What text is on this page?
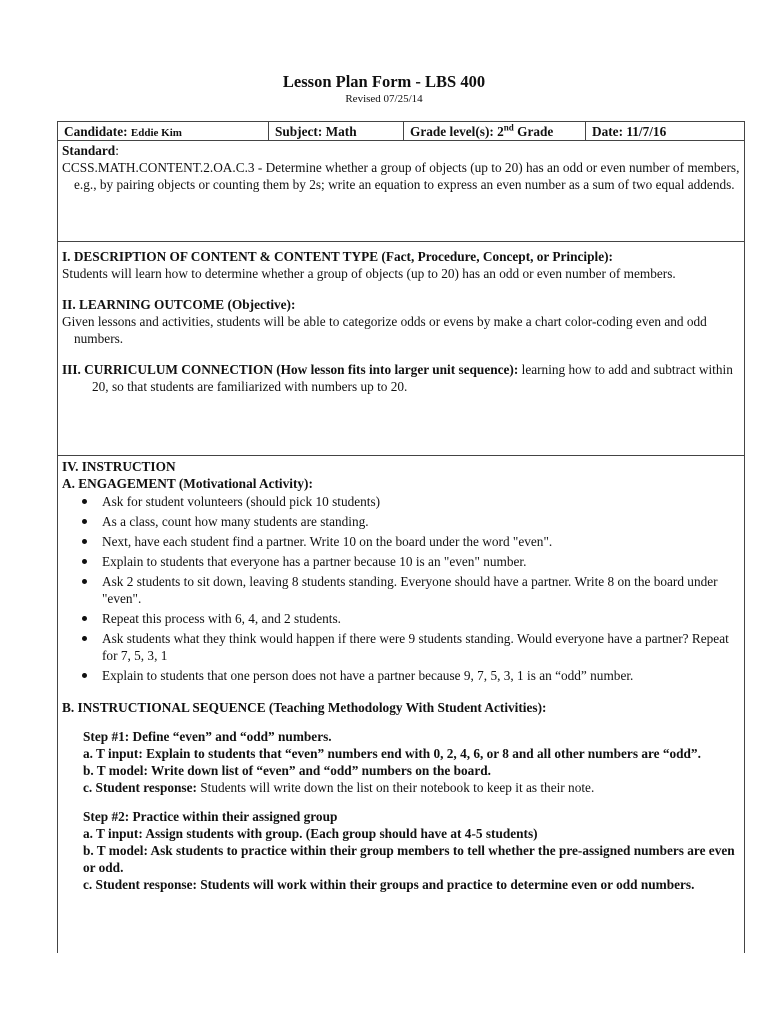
Lesson Plan Form - LBS 400
Revised 07/25/14
Candidate: Eddie Kim	Subject: Math	Grade level(s): 2nd Grade	Date: 11/7/16

Standard:

CCSS.MATH.CONTENT.2.OA.C.3 - Determine whether a group of objects (up to 20) has an odd or even number of members, e.g., by pairing objects or counting them by 2s; write an equation to express an even number as a sum of two equal addends.

I. DESCRIPTION OF CONTENT & CONTENT TYPE (Fact, Procedure, Concept, or Principle):

Students will learn how to determine whether a group of objects (up to 20) has an odd or even number of members.

II. LEARNING OUTCOME (Objective):

Given lessons and activities, students will be able to categorize odds or evens by make a chart color-coding even and odd numbers.

III. CURRICULUM CONNECTION (How lesson fits into larger unit sequence): learning how to add and subtract within 20, so that students are familiarized with numbers up to 20.

IV. INSTRUCTION

A. ENGAGEMENT (Motivational Activity):

Ask for student volunteers (should pick 10 students)
As a class, count how many students are standing.
Next, have each student find a partner. Write 10 on the board under the word "even".
Explain to students that everyone has a partner because 10 is an "even" number.
Ask 2 students to sit down, leaving 8 students standing. Everyone should have a partner. Write 8 on the board under "even".
Repeat this process with 6, 4, and 2 students.
Ask students what they think would happen if there were 9 students standing. Would everyone have a partner? Repeat for 7, 5, 3, 1
Explain to students that one person does not have a partner because 9, 7, 5, 3, 1 is an “odd” number.

B. INSTRUCTIONAL SEQUENCE (Teaching Methodology With Student Activities):

Step #1: Define “even” and “odd” numbers.

a. T input: Explain to students that “even” numbers end with 0, 2, 4, 6, or 8 and all other numbers are “odd”.

b. T model: Write down list of “even” and “odd” numbers on the board.

c. Student response: Students will write down the list on their notebook to keep it as their note.

Step #2: Practice within their assigned group

a. T input: Assign students with group. (Each group should have at 4-5 students)

b. T model: Ask students to practice within their group members to tell whether the pre-assigned numbers are even or odd.

c. Student response: Students will work within their groups and practice to determine even or odd numbers.
